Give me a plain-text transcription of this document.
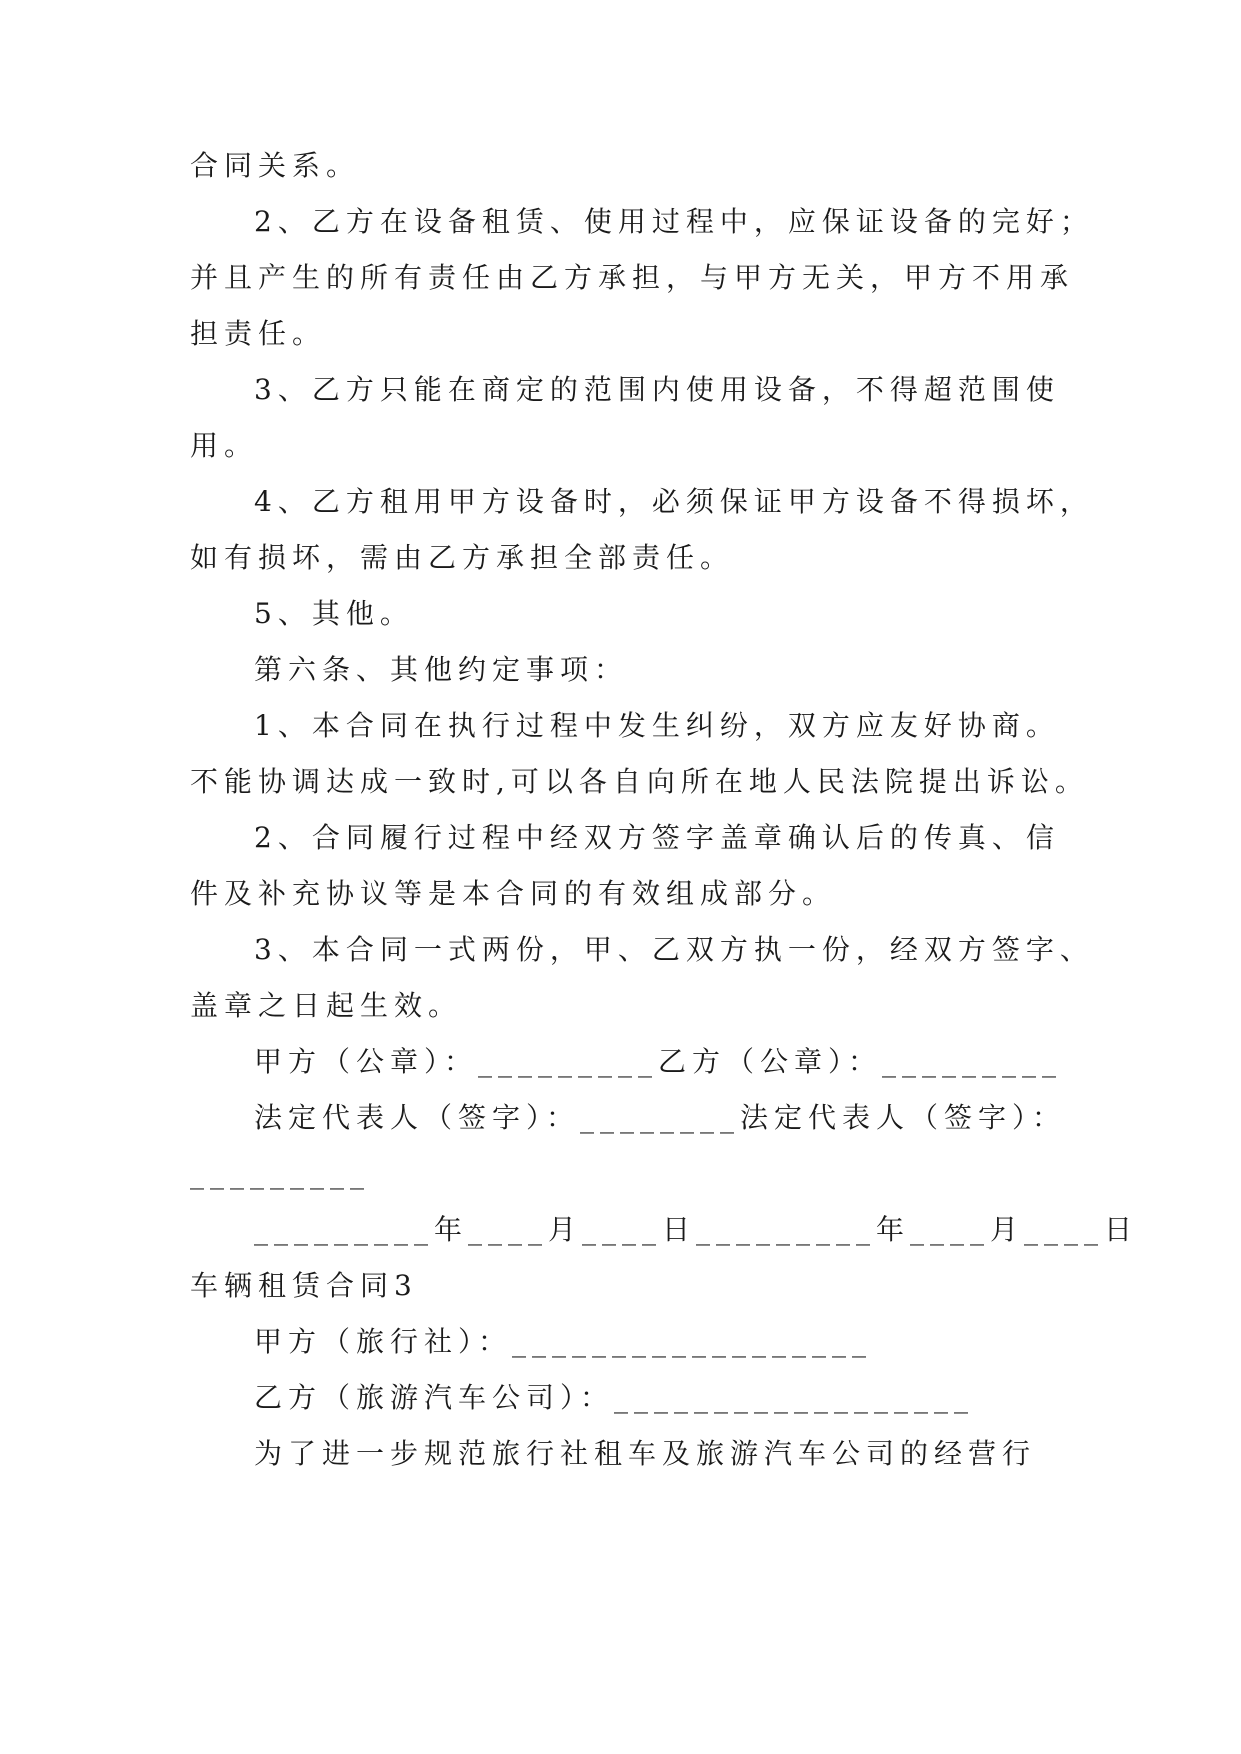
合同关系。
2、乙方在设备租赁、使用过程中，应保证设备的完好；
并且产生的所有责任由乙方承担，与甲方无关，甲方不用承
担责任。
3、乙方只能在商定的范围内使用设备，不得超范围使
用。
4、乙方租用甲方设备时，必须保证甲方设备不得损坏，
如有损坏，需由乙方承担全部责任。
5、其他。
第六条、其他约定事项：
1、本合同在执行过程中发生纠纷，双方应友好协商。
不能协调达成一致时,可以各自向所在地人民法院提出诉讼。
2、合同履行过程中经双方签字盖章确认后的传真、信
件及补充协议等是本合同的有效组成部分。
3、本合同一式两份，甲、乙双方执一份，经双方签字、
盖章之日起生效。
甲方（公章）：_________乙方（公章）：_________
法定代表人（签字）：________法定代表人（签字）：
_________
_________年____月____日_________年____月____日
车辆租赁合同3
甲方（旅行社）：__________________
乙方（旅游汽车公司）：__________________
为了进一步规范旅行社租车及旅游汽车公司的经营行
